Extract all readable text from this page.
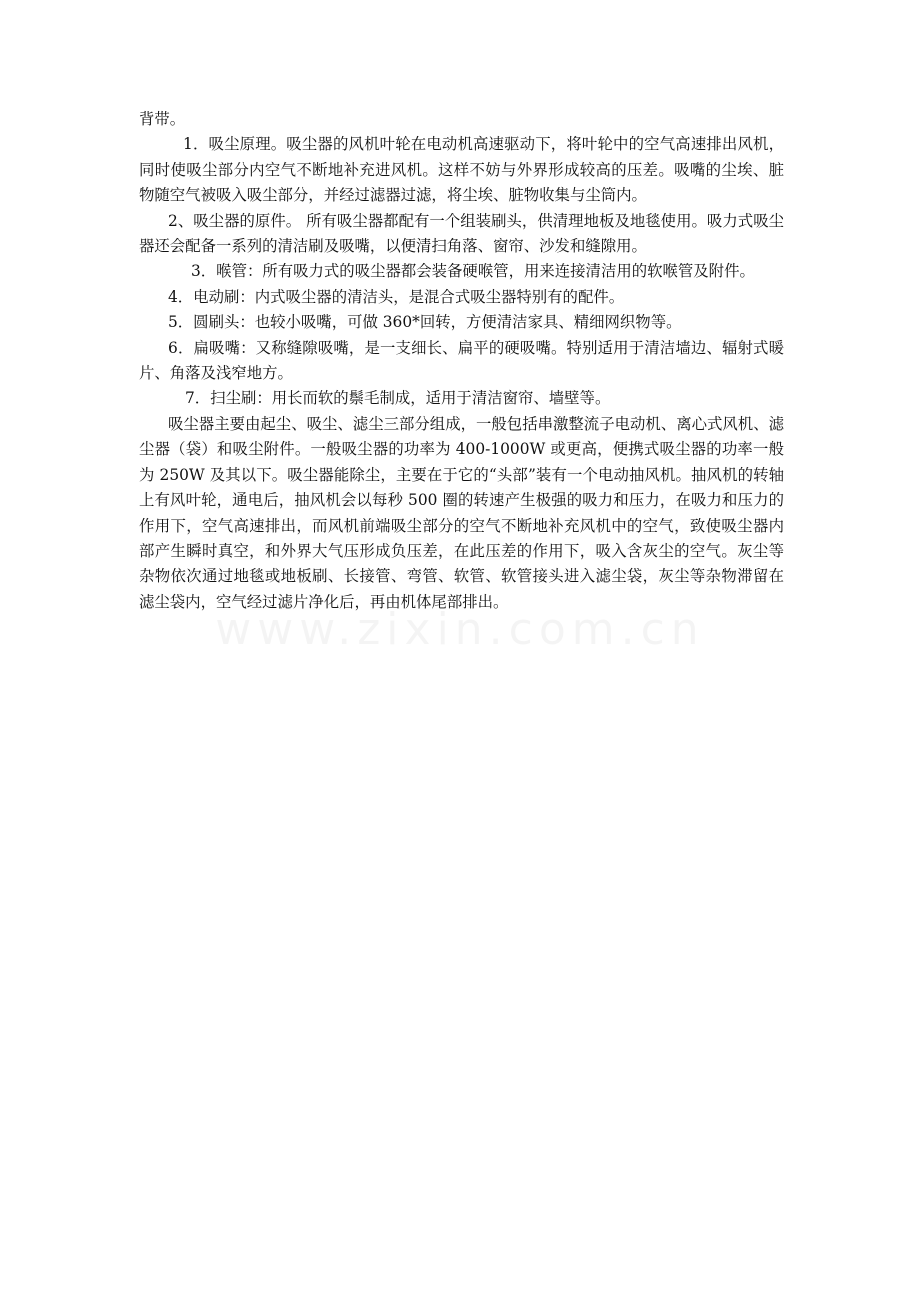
背带。

1．吸尘原理。吸尘器的风机叶轮在电动机高速驱动下，将叶轮中的空气高速排出风机，同时使吸尘部分内空气不断地补充进风机。这样不妨与外界形成较高的压差。吸嘴的尘埃、脏物随空气被吸入吸尘部分，并经过滤器过滤，将尘埃、脏物收集与尘筒内。

2、吸尘器的原件。 所有吸尘器都配有一个组装刷头，供清理地板及地毯使用。吸力式吸尘器还会配备一系列的清洁刷及吸嘴，以便清扫角落、窗帘、沙发和缝隙用。

3．喉管：所有吸力式的吸尘器都会装备硬喉管，用来连接清洁用的软喉管及附件。

4．电动刷：内式吸尘器的清洁头，是混合式吸尘器特别有的配件。

5．圆刷头：也较小吸嘴，可做 360*回转，方便清洁家具、精细网织物等。

6．扁吸嘴：又称缝隙吸嘴，是一支细长、扁平的硬吸嘴。特别适用于清洁墙边、辐射式暖片、角落及浅窄地方。

7．扫尘刷：用长而软的鬃毛制成，适用于清洁窗帘、墙壁等。

吸尘器主要由起尘、吸尘、滤尘三部分组成，一般包括串激整流子电动机、离心式风机、滤尘器（袋）和吸尘附件。一般吸尘器的功率为 400-1000W 或更高，便携式吸尘器的功率一般为 250W 及其以下。吸尘器能除尘，主要在于它的“头部”装有一个电动抽风机。抽风机的转轴上有风叶轮，通电后，抽风机会以每秒 500 圈的转速产生极强的吸力和压力，在吸力和压力的作用下，空气高速排出，而风机前端吸尘部分的空气不断地补充风机中的空气，致使吸尘器内部产生瞬时真空，和外界大气压形成负压差，在此压差的作用下，吸入含灰尘的空气。灰尘等杂物依次通过地毯或地板刷、长接管、弯管、软管、软管接头进入滤尘袋，灰尘等杂物滞留在滤尘袋内，空气经过滤片净化后，再由机体尾部排出。
